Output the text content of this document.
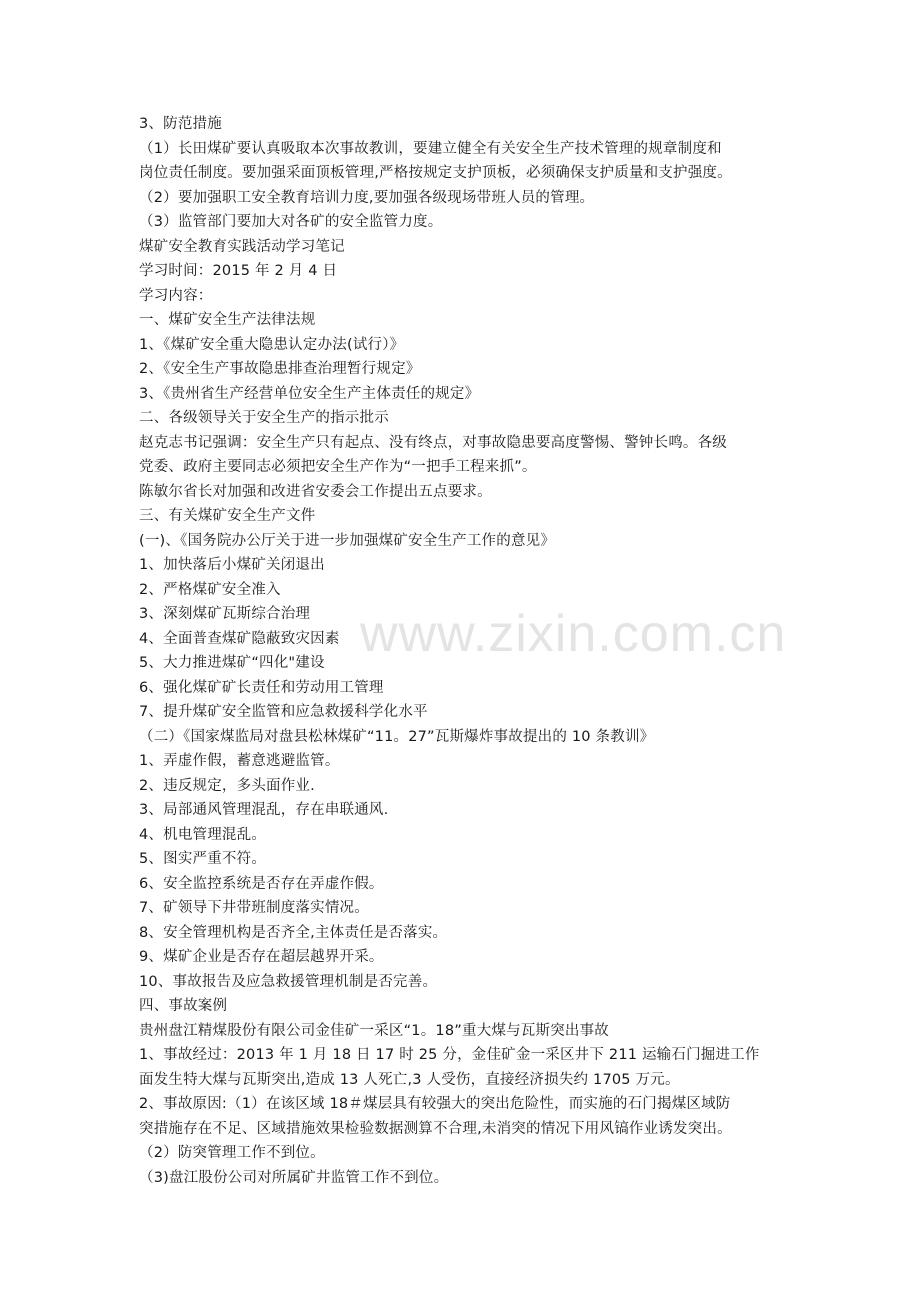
www.zixin.com.cn
3、防范措施
（1）长田煤矿要认真吸取本次事故教训，要建立健全有关安全生产技术管理的规章制度和
岗位责任制度。要加强采面顶板管理,严格按规定支护顶板，必须确保支护质量和支护强度。
（2）要加强职工安全教育培训力度,要加强各级现场带班人员的管理。
（3）监管部门要加大对各矿的安全监管力度。
煤矿安全教育实践活动学习笔记
学习时间：2015 年 2 月 4 日
学习内容：
一、煤矿安全生产法律法规
1、《煤矿安全重大隐患认定办法(试行）》
2、《安全生产事故隐患排查治理暂行规定》
3、《贵州省生产经营单位安全生产主体责任的规定》
二、各级领导关于安全生产的指示批示
赵克志书记强调：安全生产只有起点、没有终点，对事故隐患要高度警惕、警钟长鸣。各级
党委、政府主要同志必须把安全生产作为“一把手工程来抓”。
陈敏尔省长对加强和改进省安委会工作提出五点要求。
三、有关煤矿安全生产文件
(一)、《国务院办公厅关于进一步加强煤矿安全生产工作的意见》
1、加快落后小煤矿关闭退出
2、严格煤矿安全准入
3、深刻煤矿瓦斯综合治理
4、全面普查煤矿隐蔽致灾因素
5、大力推进煤矿“四化"建设
6、强化煤矿矿长责任和劳动用工管理
7、提升煤矿安全监管和应急救援科学化水平
（二）《国家煤监局对盘县松林煤矿“11。27”瓦斯爆炸事故提出的 10 条教训》
1、弄虚作假，蓄意逃避监管。
2、违反规定，多头面作业.
3、局部通风管理混乱，存在串联通风.
4、机电管理混乱。
5、图实严重不符。
6、安全监控系统是否存在弄虚作假。
7、矿领导下井带班制度落实情况。
8、安全管理机构是否齐全,主体责任是否落实。
9、煤矿企业是否存在超层越界开采。
10、事故报告及应急救援管理机制是否完善。
四、事故案例
贵州盘江精煤股份有限公司金佳矿一采区“1。18”重大煤与瓦斯突出事故
1、事故经过：2013 年 1 月 18 日 17 时 25 分，金佳矿金一采区井下 211 运输石门掘进工作
面发生特大煤与瓦斯突出,造成 13 人死亡,3 人受伤，直接经济损失约 1705 万元。
2、事故原因:（1）在该区域 18＃煤层具有较强大的突出危险性，而实施的石门揭煤区域防
突措施存在不足、区域措施效果检验数据测算不合理,未消突的情况下用风镐作业诱发突出。
（2）防突管理工作不到位。
（3)盘江股份公司对所属矿井监管工作不到位。
